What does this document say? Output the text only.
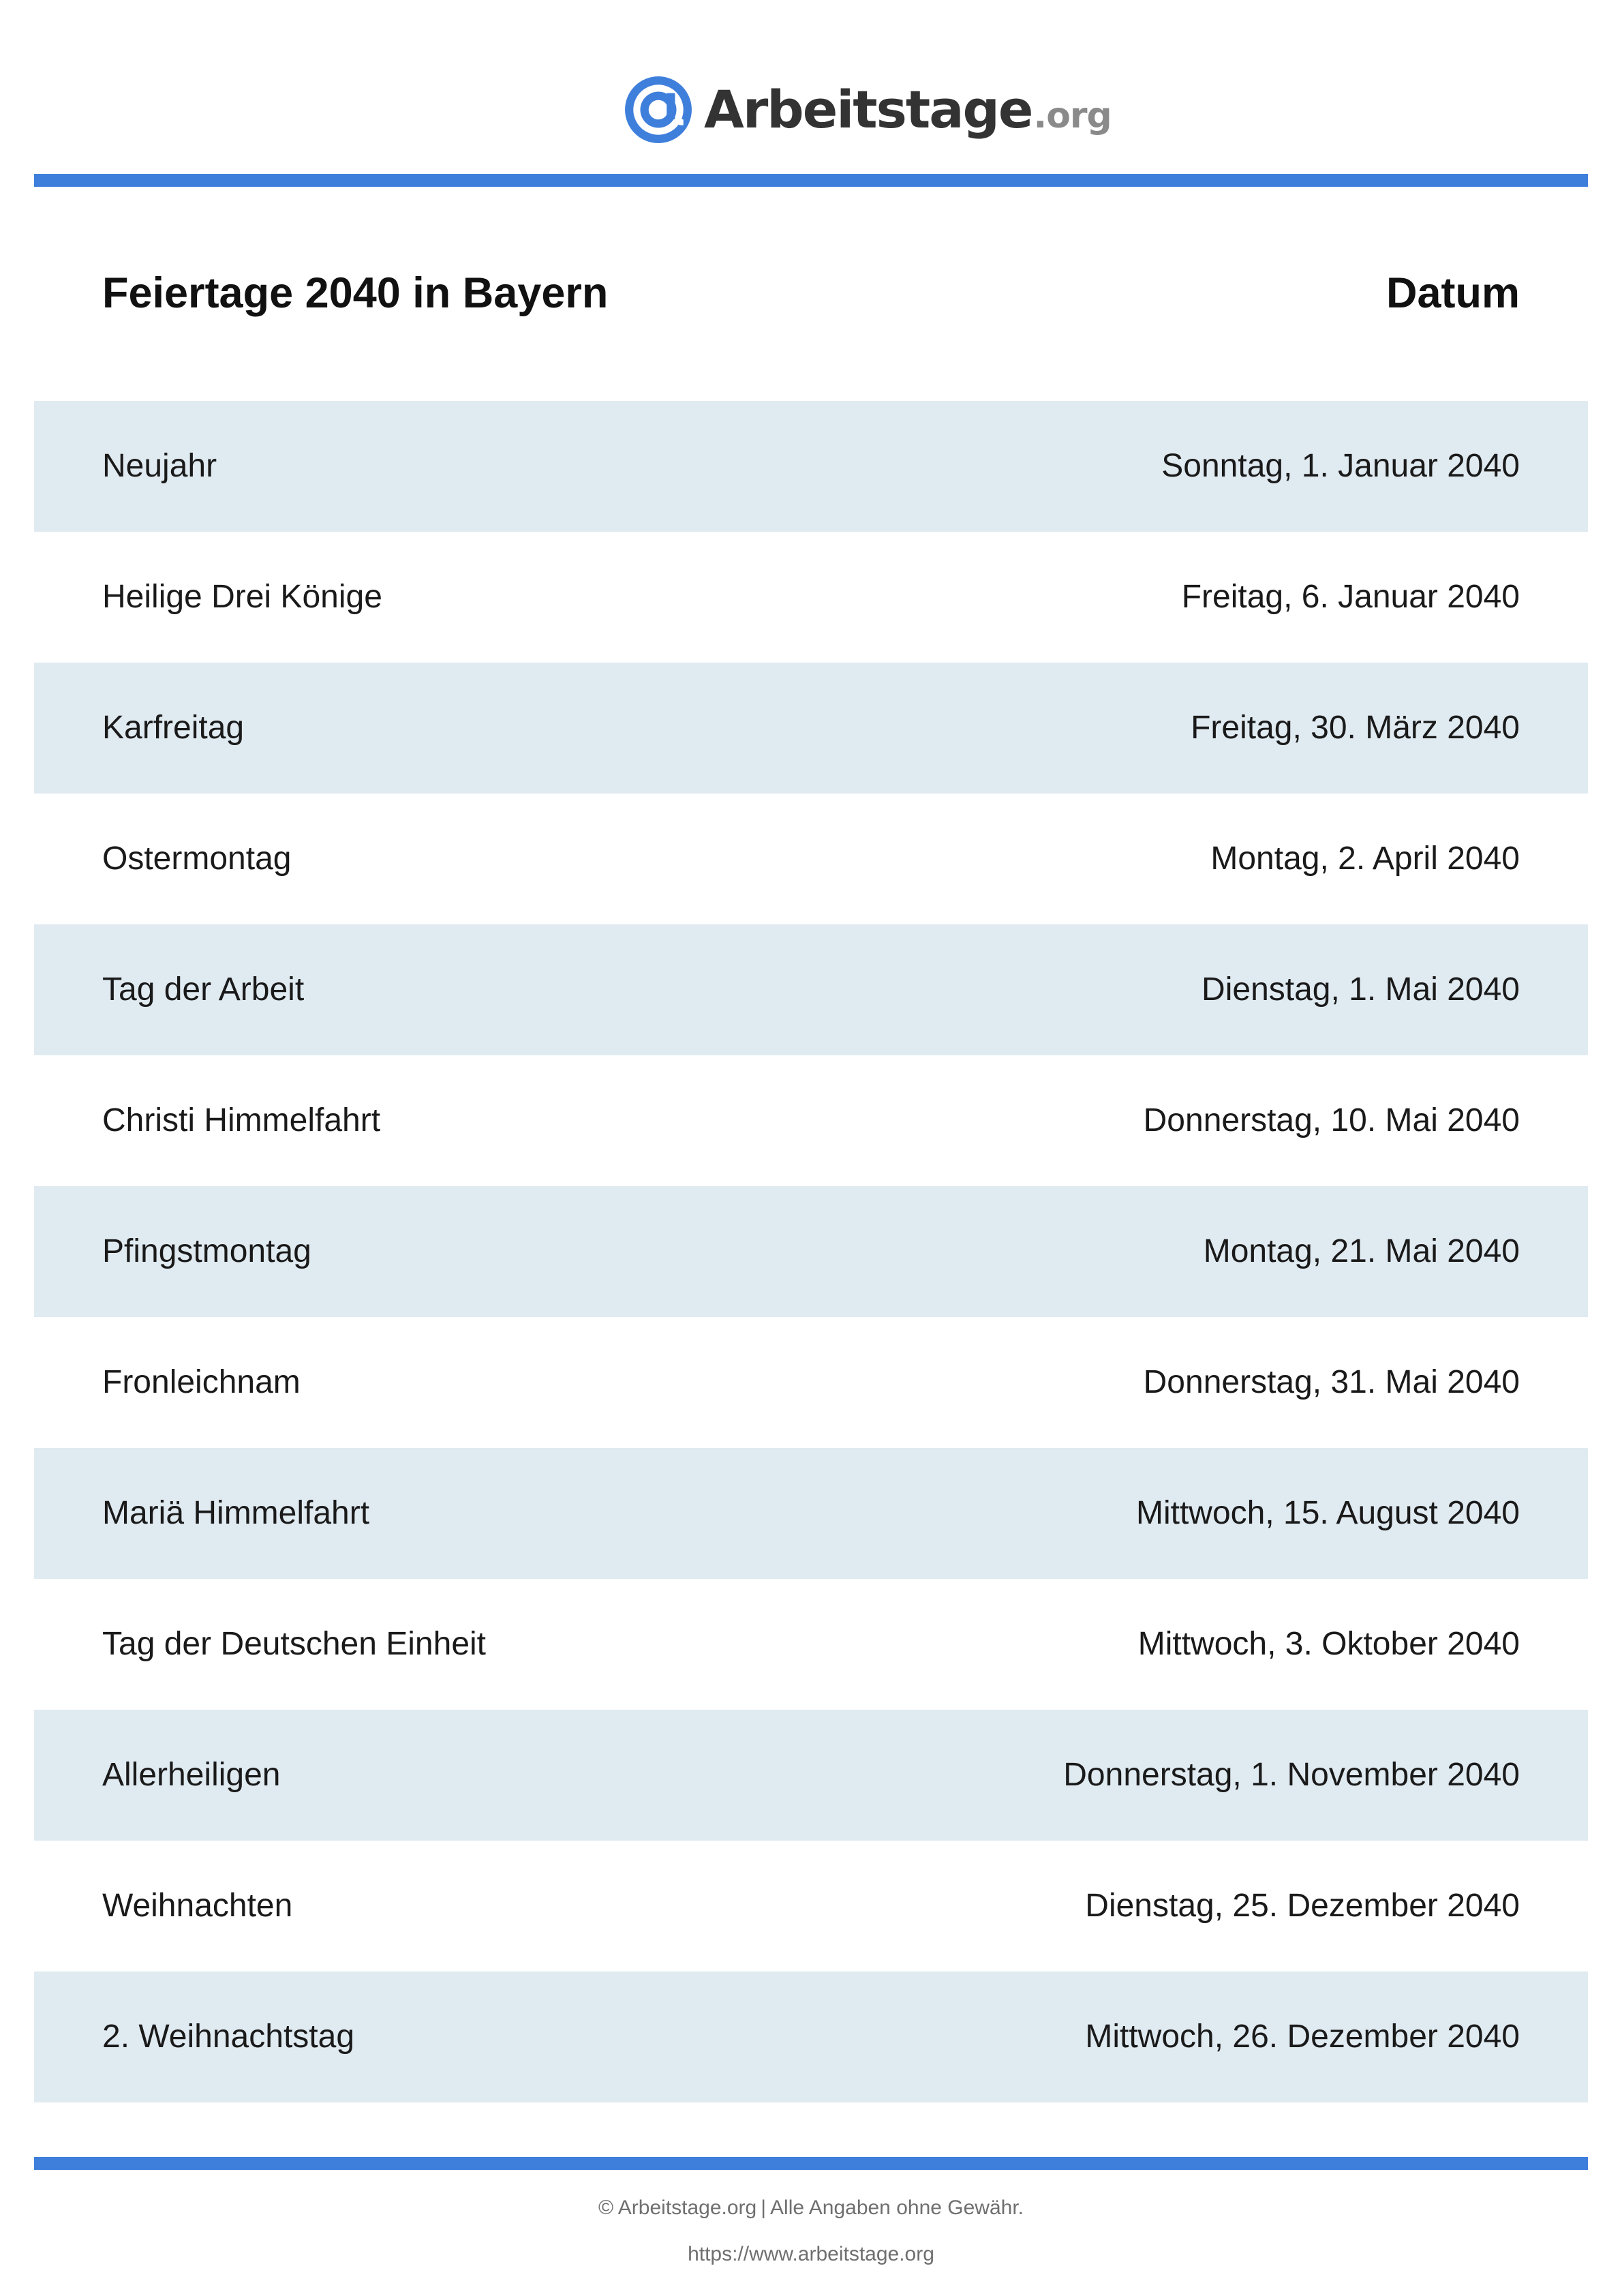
Arbeitstage .org
Feiertage 2040 in Bayern	Datum
Neujahr	Sonntag, 1. Januar 2040
Heilige Drei Könige	Freitag, 6. Januar 2040
Karfreitag	Freitag, 30. März 2040
Ostermontag	Montag, 2. April 2040
Tag der Arbeit	Dienstag, 1. Mai 2040
Christi Himmelfahrt	Donnerstag, 10. Mai 2040
Pfingstmontag	Montag, 21. Mai 2040
Fronleichnam	Donnerstag, 31. Mai 2040
Mariä Himmelfahrt	Mittwoch, 15. August 2040
Tag der Deutschen Einheit	Mittwoch, 3. Oktober 2040
Allerheiligen	Donnerstag, 1. November 2040
Weihnachten	Dienstag, 25. Dezember 2040
2. Weihnachtstag	Mittwoch, 26. Dezember 2040
© Arbeitstage.org | Alle Angaben ohne Gewähr.
https://www.arbeitstage.org
